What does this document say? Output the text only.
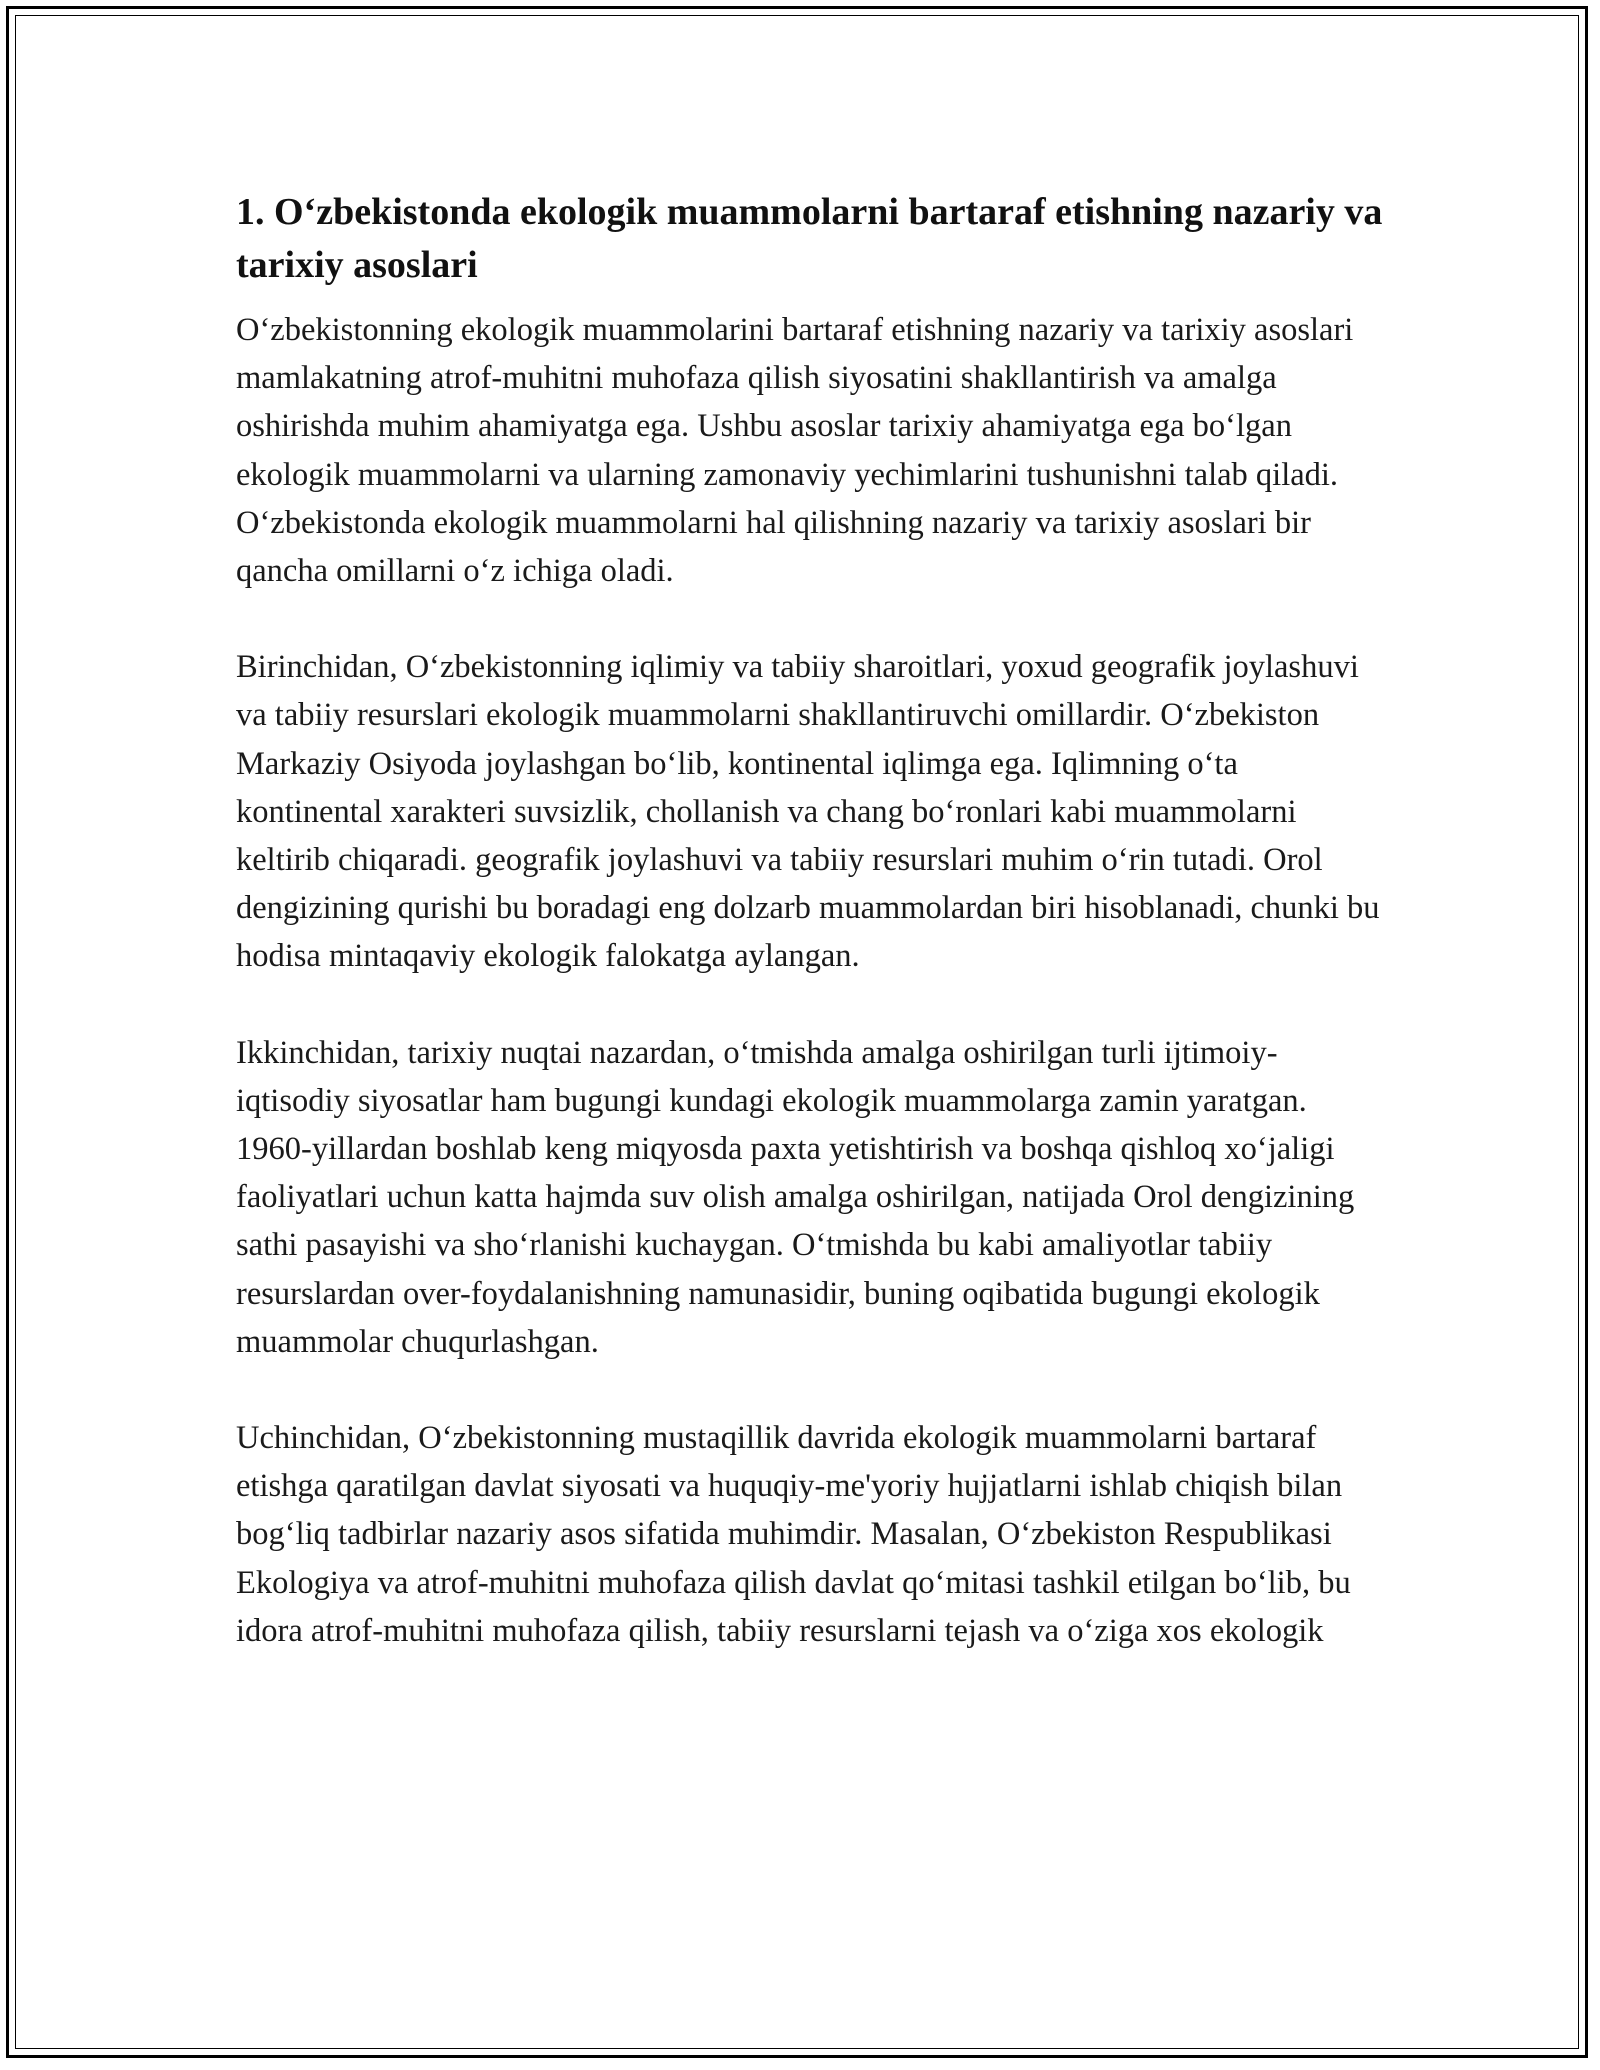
1. O‘zbekistonda ekologik muammolarni bartaraf etishning nazariy va tarixiy asoslari

O‘zbekistonning ekologik muammolarini bartaraf etishning nazariy va tarixiy asoslari mamlakatning atrof-muhitni muhofaza qilish siyosatini shakllantirish va amalga oshirishda muhim ahamiyatga ega. Ushbu asoslar tarixiy ahamiyatga ega bo‘lgan ekologik muammolarni va ularning zamonaviy yechimlarini tushunishni talab qiladi. O‘zbekistonda ekologik muammolarni hal qilishning nazariy va tarixiy asoslari bir qancha omillarni o‘z ichiga oladi.

Birinchidan, O‘zbekistonning iqlimiy va tabiiy sharoitlari, yoxud geografik joylashuvi va tabiiy resurslari ekologik muammolarni shakllantiruvchi omillardir. O‘zbekiston Markaziy Osiyoda joylashgan bo‘lib, kontinental iqlimga ega. Iqlimning o‘ta kontinental xarakteri suvsizlik, chollanish va chang bo‘ronlari kabi muammolarni keltirib chiqaradi. geografik joylashuvi va tabiiy resurslari muhim o‘rin tutadi. Orol dengizining qurishi bu boradagi eng dolzarb muammolardan biri hisoblanadi, chunki bu hodisa mintaqaviy ekologik falokatga aylangan.

Ikkinchidan, tarixiy nuqtai nazardan, o‘tmishda amalga oshirilgan turli ijtimoiy-iqtisodiy siyosatlar ham bugungi kundagi ekologik muammolarga zamin yaratgan. 1960-yillardan boshlab keng miqyosda paxta yetishtirish va boshqa qishloq xo‘jaligi faoliyatlari uchun katta hajmda suv olish amalga oshirilgan, natijada Orol dengizining sathi pasayishi va sho‘rlanishi kuchaygan. O‘tmishda bu kabi amaliyotlar tabiiy resurslardan over-foydalanishning namunasidir, buning oqibatida bugungi ekologik muammolar chuqurlashgan.

Uchinchidan, O‘zbekistonning mustaqillik davrida ekologik muammolarni bartaraf etishga qaratilgan davlat siyosati va huquqiy-me'yoriy hujjatlarni ishlab chiqish bilan bog‘liq tadbirlar nazariy asos sifatida muhimdir. Masalan, O‘zbekiston Respublikasi Ekologiya va atrof-muhitni muhofaza qilish davlat qo‘mitasi tashkil etilgan bo‘lib, bu idora atrof-muhitni muhofaza qilish, tabiiy resurslarni tejash va o‘ziga xos ekologik
